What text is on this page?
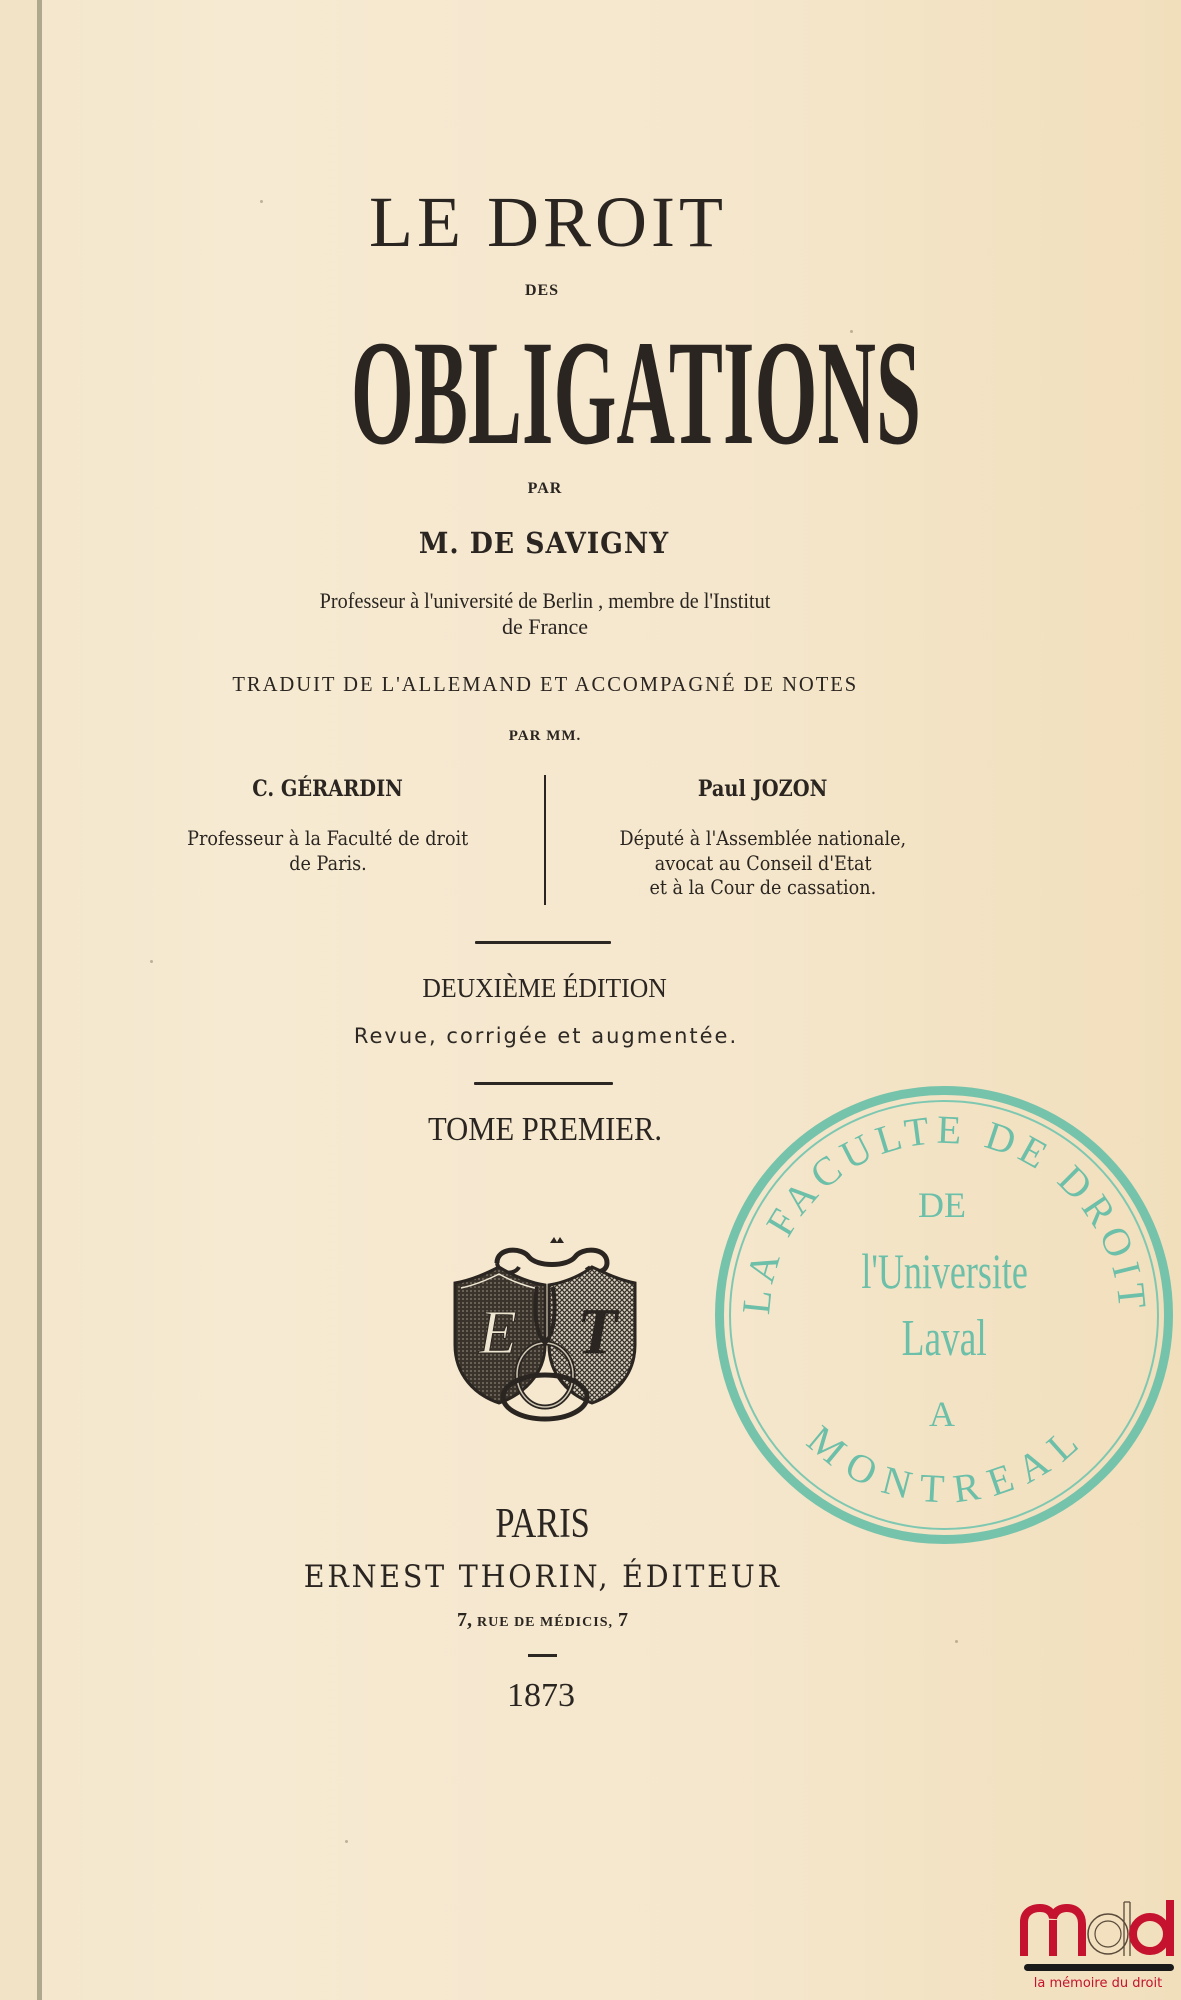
LE DROIT
DES
OBLIGATIONS
PAR
M. DE SAVIGNY
Professeur à l'université de Berlin , membre de l'Institut
de France
TRADUIT DE L'ALLEMAND ET ACCOMPAGNÉ DE NOTES
PAR MM.
C. GÉRARDIN
Professeur à la Faculté de droit
de Paris.
Paul JOZON
Député à l'Assemblée nationale,
avocat au Conseil d'Etat
et à la Cour de cassation.
DEUXIÈME ÉDITION
Revue, corrigée et augmentée.
TOME PREMIER.
E T
PARIS
ERNEST THORIN, ÉDITEUR
7, RUE DE MÉDICIS, 7
1873
LA FACULTE DE DROIT
MONTREAL
DE
l'Universite
Laval
A
la mémoire du droit
